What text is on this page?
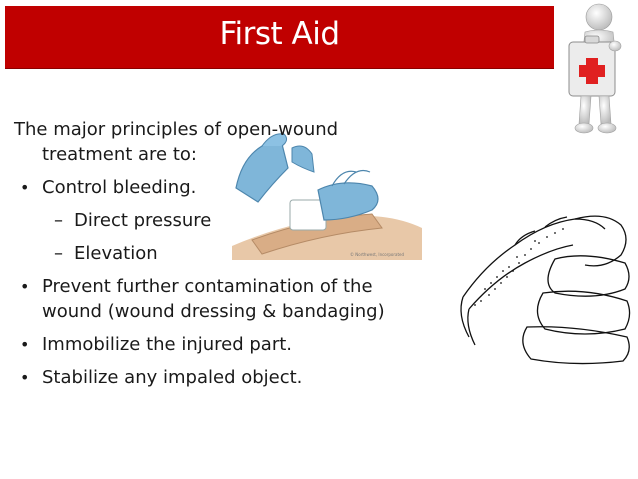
First Aid
© Northwest, Incorporated
The major principles of open-wound
treatment are to:
• Control bleeding.
– Direct pressure
– Elevation
• Prevent further contamination of the
wound (wound dressing & bandaging)
• Immobilize the injured part.
• Stabilize any impaled object.
